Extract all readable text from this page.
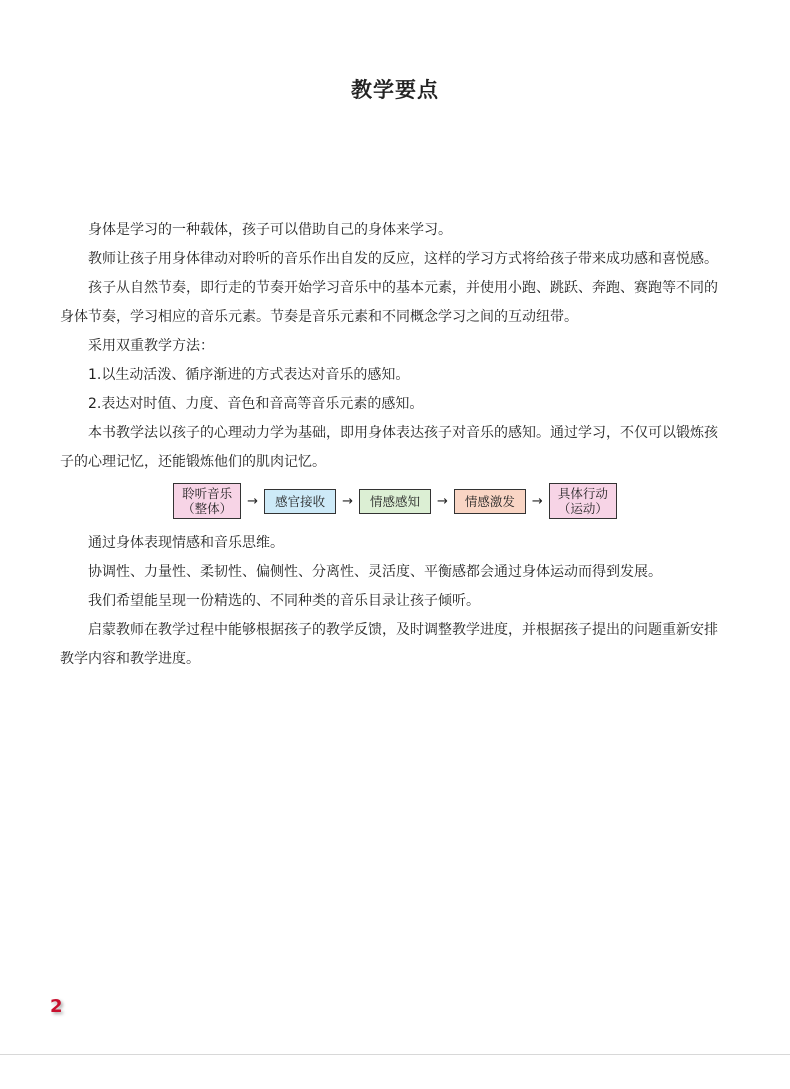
教学要点

身体是学习的一种载体，孩子可以借助自己的身体来学习。

教师让孩子用身体律动对聆听的音乐作出自发的反应，这样的学习方式将给孩子带来成功感和喜悦感。

孩子从自然节奏，即行走的节奏开始学习音乐中的基本元素，并使用小跑、跳跃、奔跑、赛跑等不同的身体节奏，学习相应的音乐元素。节奏是音乐元素和不同概念学习之间的互动纽带。

采用双重教学方法：

1.以生动活泼、循序渐进的方式表达对音乐的感知。

2.表达对时值、力度、音色和音高等音乐元素的感知。

本书教学法以孩子的心理动力学为基础，即用身体表达孩子对音乐的感知。通过学习，不仅可以锻炼孩子的心理记忆，还能锻炼他们的肌肉记忆。

聆听音乐
（整体） → 感官接收 → 情感感知 → 情感激发 → 具体行动
（运动）

通过身体表现情感和音乐思维。

协调性、力量性、柔韧性、偏侧性、分离性、灵活度、平衡感都会通过身体运动而得到发展。

我们希望能呈现一份精选的、不同种类的音乐目录让孩子倾听。

启蒙教师在教学过程中能够根据孩子的教学反馈，及时调整教学进度，并根据孩子提出的问题重新安排教学内容和教学进度。

2
